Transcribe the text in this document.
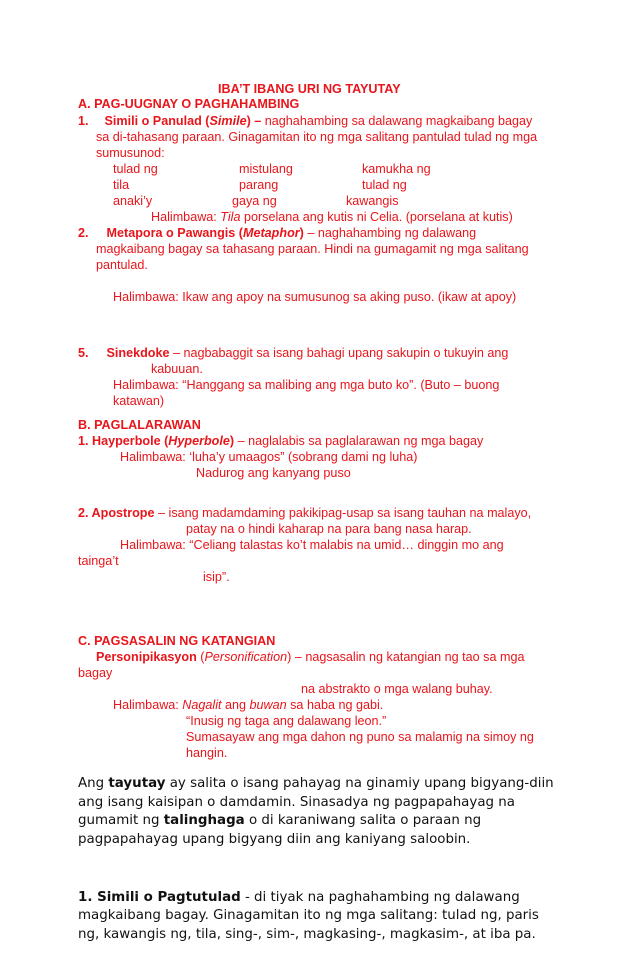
IBA’T IBANG URI NG TAYUTAY
A. PAG-UUGNAY O PAGHAHAMBING
1. Simili o Panulad (Simile) – naghahambing sa dalawang magkaibang bagay
sa di-tahasang paraan. Ginagamitan ito ng mga salitang pantulad tulad ng mga
sumusunod:
tulad ng	mistulang	kamukha ng
tila	parang	tulad ng
anaki’y	gaya ng	kawangis
Halimbawa: Tila porselana ang kutis ni Celia. (porselana at kutis)
2. Metapora o Pawangis (Metaphor) – naghahambing ng dalawang
magkaibang bagay sa tahasang paraan. Hindi na gumagamit ng mga salitang
pantulad.
Halimbawa: Ikaw ang apoy na sumusunog sa aking puso. (ikaw at apoy)
5. Sinekdoke – nagbabaggit sa isang bahagi upang sakupin o tukuyin ang
kabuuan.
Halimbawa: “Hanggang sa malibing ang mga buto ko”. (Buto – buong
katawan)
B. PAGLALARAWAN
1. Hayperbole (Hyperbole) – naglalabis sa paglalarawan ng mga bagay
Halimbawa: ‘luha’y umaagos” (sobrang dami ng luha)
Nadurog ang kanyang puso
2. Apostrope – isang madamdaming pakikipag-usap sa isang tauhan na malayo,
patay na o hindi kaharap na para bang nasa harap.
Halimbawa: “Celiang talastas ko’t malabis na umid… dinggin mo ang
tainga’t
isip”.
C. PAGSASALIN NG KATANGIAN
Personipikasyon (Personification) – nagsasalin ng katangian ng tao sa mga
bagay
na abstrakto o mga walang buhay.
Halimbawa: Nagalit ang buwan sa haba ng gabi.
“Inusig ng taga ang dalawang leon.”
Sumasayaw ang mga dahon ng puno sa malamig na simoy ng
hangin.
Ang tayutay ay salita o isang pahayag na ginamiy upang bigyang-diin
ang isang kaisipan o damdamin. Sinasadya ng pagpapahayag na
gumamit ng talinghaga o di karaniwang salita o paraan ng
pagpapahayag upang bigyang diin ang kaniyang saloobin.
1. Simili o Pagtutulad - di tiyak na paghahambing ng dalawang
magkaibang bagay. Ginagamitan ito ng mga salitang: tulad ng, paris
ng, kawangis ng, tila, sing-, sim-, magkasing-, magkasim-, at iba pa.
